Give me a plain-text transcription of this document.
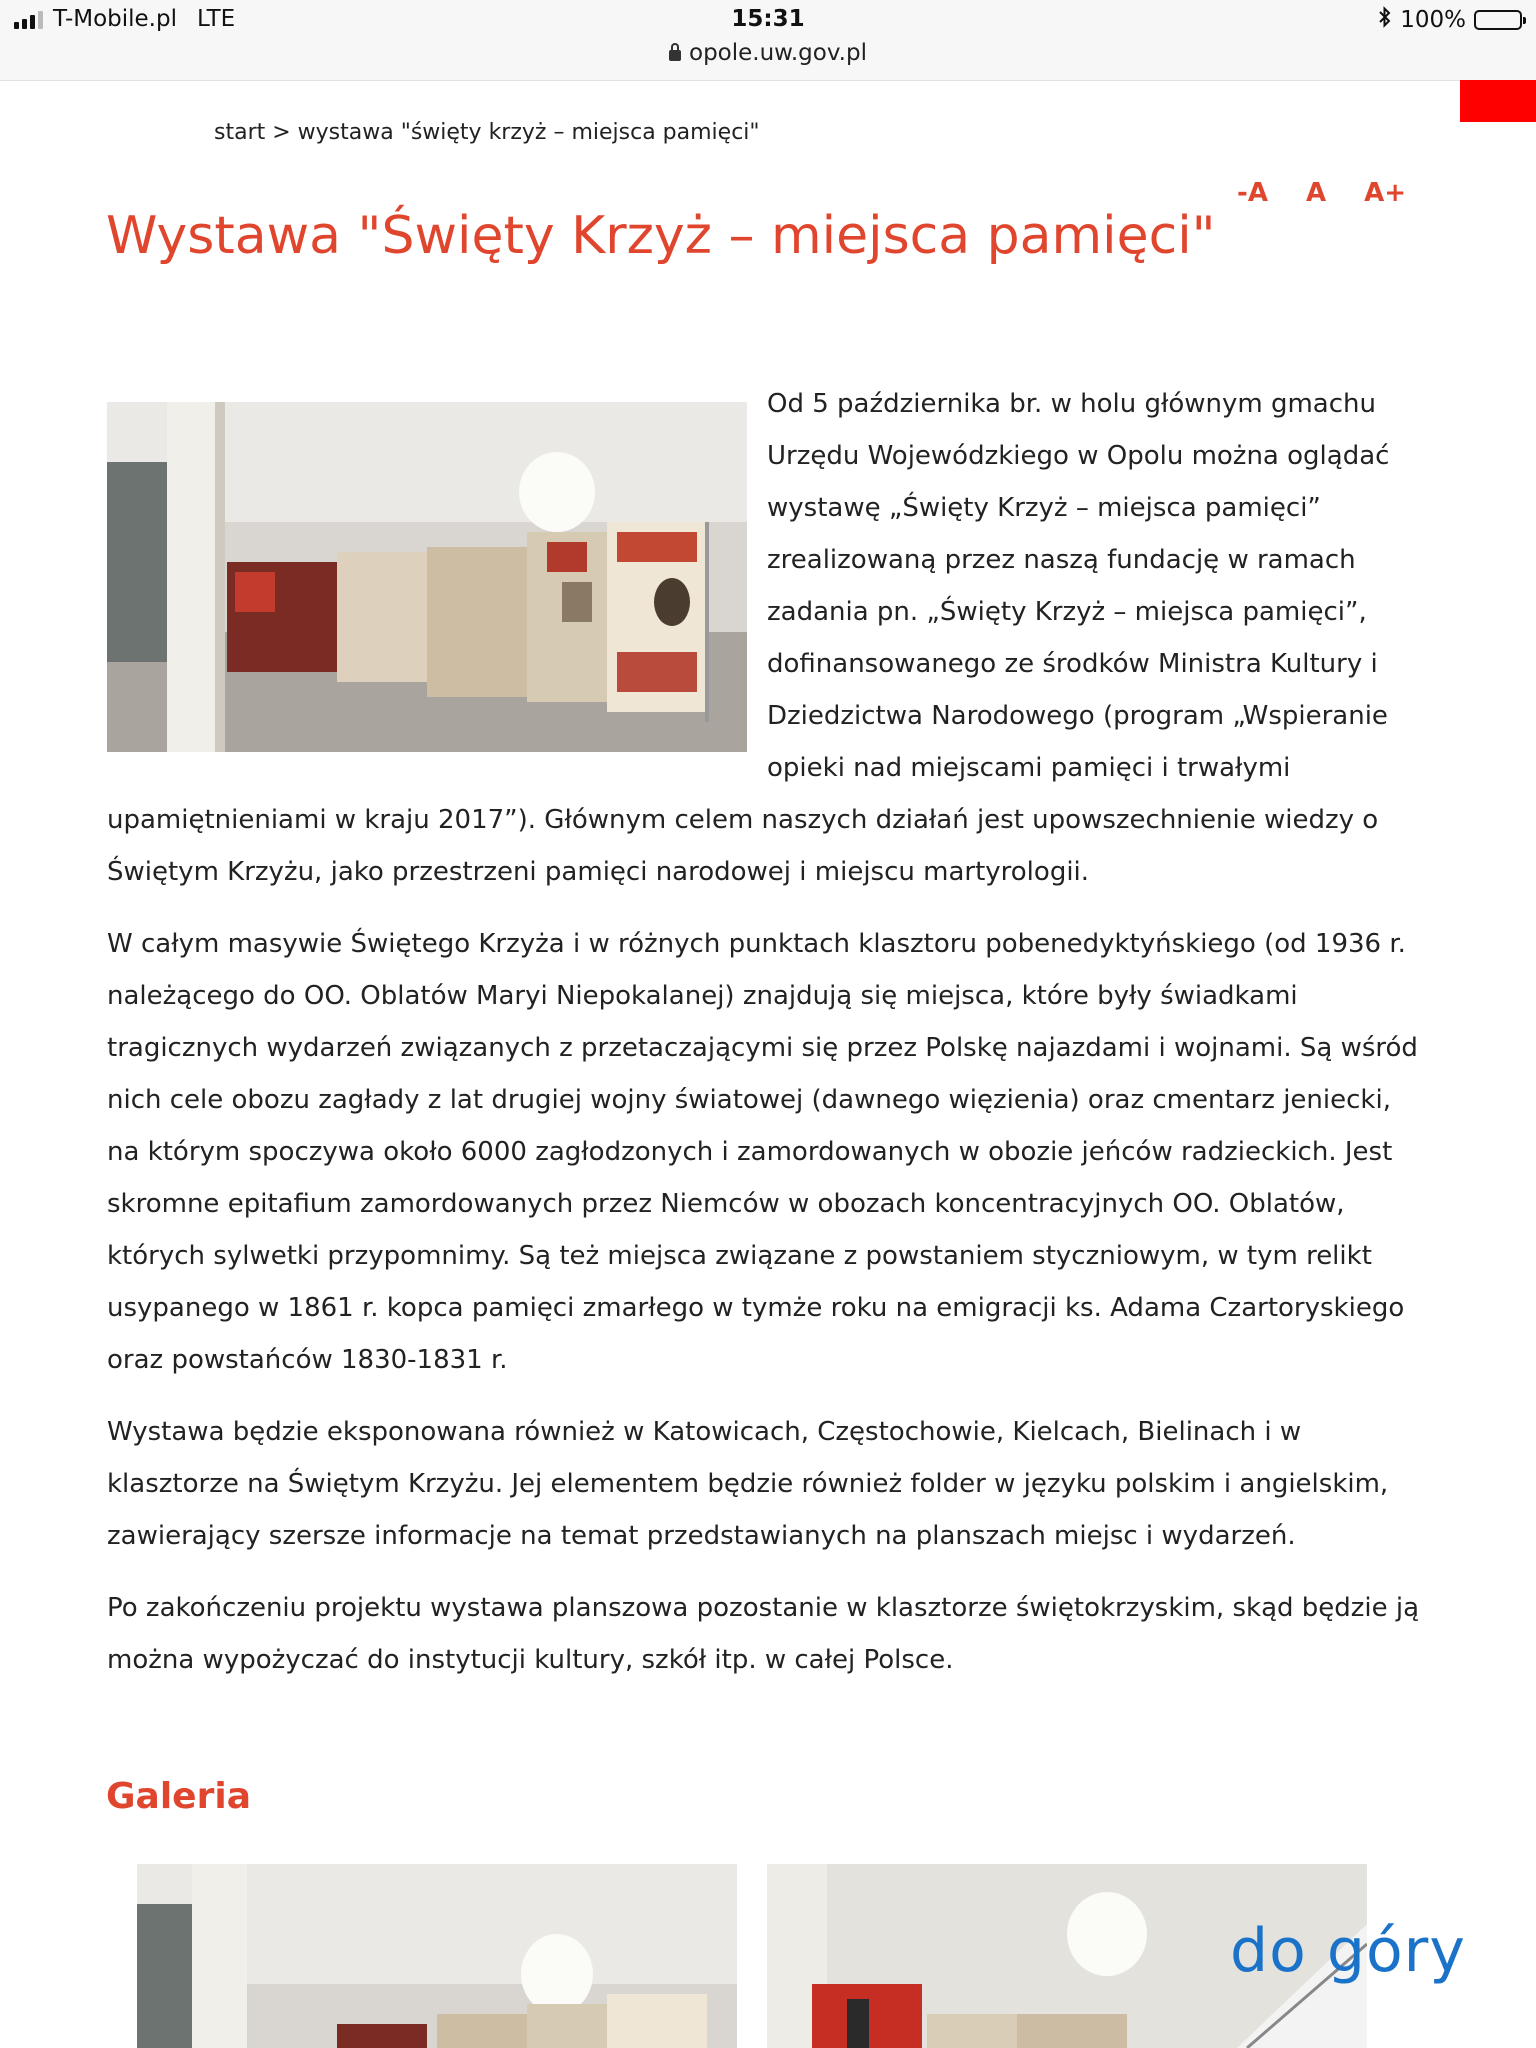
T-Mobile.pl LTE	15:31	100%
opole.uw.gov.pl
start > wystawa "święty krzyż – miejsca pamięci"
-A A A+
Wystawa "Święty Krzyż – miejsca pamięci"

Od 5 października br. w holu głównym gmachu Urzędu Wojewódzkiego w Opolu można oglądać wystawę „Święty Krzyż – miejsca pamięci” zrealizowaną przez naszą fundację w ramach zadania pn. „Święty Krzyż – miejsca pamięci”, dofinansowanego ze środków Ministra Kultury i Dziedzictwa Narodowego (program „Wspieranie opieki nad miejscami pamięci i trwałymi upamiętnieniami w kraju 2017”). Głównym celem naszych działań jest upowszechnienie wiedzy o Świętym Krzyżu, jako przestrzeni pamięci narodowej i miejscu martyrologii.

W całym masywie Świętego Krzyża i w różnych punktach klasztoru pobenedyktyńskiego (od 1936 r. należącego do OO. Oblatów Maryi Niepokalanej) znajdują się miejsca, które były świadkami tragicznych wydarzeń związanych z przetaczającymi się przez Polskę najazdami i wojnami. Są wśród nich cele obozu zagłady z lat drugiej wojny światowej (dawnego więzienia) oraz cmentarz jeniecki, na którym spoczywa około 6000 zagłodzonych i zamordowanych w obozie jeńców radzieckich. Jest skromne epitafium zamordowanych przez Niemców w obozach koncentracyjnych OO. Oblatów, których sylwetki przypomnimy. Są też miejsca związane z powstaniem styczniowym, w tym relikt usypanego w 1861 r. kopca pamięci zmarłego w tymże roku na emigracji ks. Adama Czartoryskiego oraz powstańców 1830-1831 r.

Wystawa będzie eksponowana również w Katowicach, Częstochowie, Kielcach, Bielinach i w klasztorze na Świętym Krzyżu. Jej elementem będzie również folder w języku polskim i angielskim, zawierający szersze informacje na temat przedstawianych na planszach miejsc i wydarzeń.

Po zakończeniu projektu wystawa planszowa pozostanie w klasztorze świętokrzyskim, skąd będzie ją można wypożyczać do instytucji kultury, szkół itp. w całej Polsce.

Galeria
do góry
